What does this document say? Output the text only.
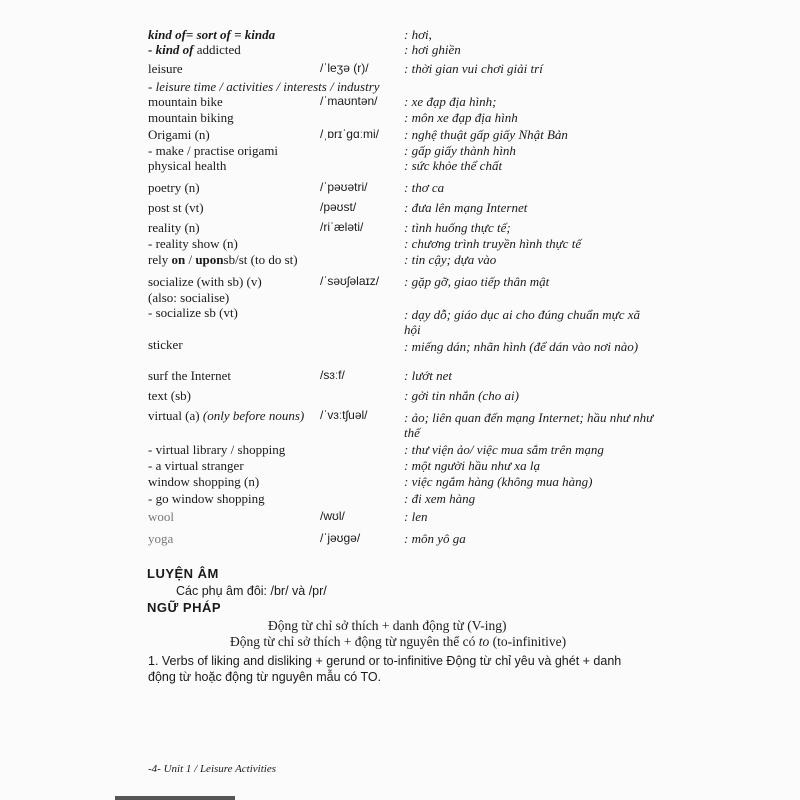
kind of= sort of = kinda	: hơi,
- kind of addicted	: hơi ghiền
leisure	/ˈleʒə (r)/	: thời gian vui chơi giải trí
- leisure time / activities / interests / industry
mountain bike	/ˈmaʊntən/ : xe đạp địa hình;
mountain biking	: môn xe đạp địa hình
Origami (n)	/ˌɒrɪˈɡɑːmi/ : nghệ thuật gấp giấy Nhật Bản
- make / practise origami	: gấp giấy thành hình
physical health	: sức khỏe thể chất
poetry (n)	/ˈpəʊətri/	: thơ ca
post st (vt)	/pəʊst/	: đưa lên mạng Internet
reality (n)	/riˈæləti/	: tình huống thực tế;
- reality show (n)	: chương trình truyền hình thực tế
rely on / uponsb/st (to do st)	: tin cậy; dựa vào
socialize (with sb) (v)	/ˈsəʊʃəlaɪz/ : gặp gỡ, giao tiếp thân mật
(also: socialise)
- socialize sb (vt)	: dạy dỗ; giáo dục ai cho đúng chuẩn mực xã hội
sticker	: miếng dán; nhãn hình (để dán vào nơi nào)
surf the Internet	/sɜːf/	: lướt net
text (sb)	: gởi tin nhắn (cho ai)
virtual (a) (only before nouns) /ˈvɜːtʃuəl/	: ảo; liên quan đến mạng Internet; hầu như như thế
- virtual library / shopping	: thư viện ảo/ việc mua sắm trên mạng
- a virtual stranger	: một người hầu như xa lạ
window shopping (n)	: việc ngắm hàng (không mua hàng)
- go window shopping	: đi xem hàng
wool	/wʊl/	: len
yoga	/ˈjəʊɡə/	: môn yô ga
LUYỆN ÂM
Các phụ âm đôi: /br/ và /pr/
NGỮ PHÁP
Động từ chỉ sở thích + danh động từ (V-ing)
Động từ chỉ sở thích + động từ nguyên thể có to (to-infinitive)
1. Verbs of liking and disliking + gerund or to-infinitive Động từ chỉ yêu và ghét + danh
động từ hoặc động từ nguyên mẫu có TO.
-4- Unit 1 / Leisure Activities
